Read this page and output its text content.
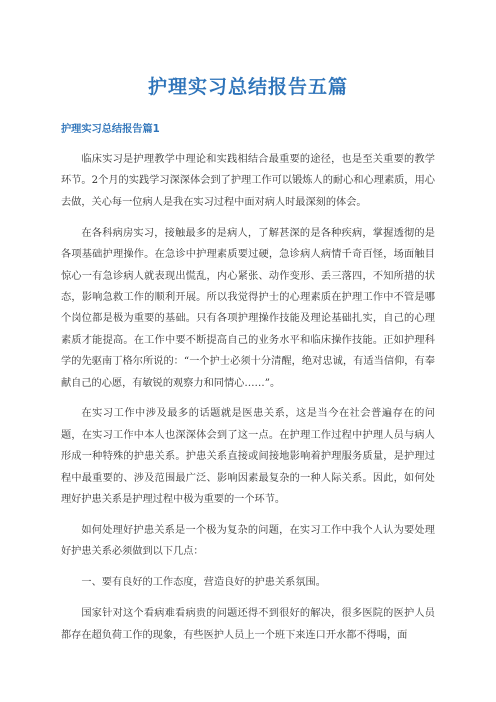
护理实习总结报告五篇
护理实习总结报告篇1

临床实习是护理教学中理论和实践相结合最重要的途径，也是至关重要的教学环节。2个月的实践学习深深体会到了护理工作可以锻炼人的耐心和心理素质，用心去做，关心每一位病人是我在实习过程中面对病人时最深刻的体会。

在各科病房实习，接触最多的是病人，了解甚深的是各种疾病，掌握透彻的是各项基础护理操作。在急诊中护理素质要过硬，急诊病人病情千奇百怪，场面触目惊心一有急诊病人就表现出慌乱，内心紧张、动作变形、丢三落四，不知所措的状态，影响急救工作的顺利开展。所以我觉得护士的心理素质在护理工作中不管是哪个岗位都是极为重要的基础。只有各项护理操作技能及理论基础扎实，自己的心理素质才能提高。在工作中要不断提高自己的业务水平和临床操作技能。正如护理科学的先驱南丁格尔所说的：“一个护士必须十分清醒，绝对忠诚，有适当信仰，有奉献自己的心愿，有敏锐的观察力和同情心……”。

在实习工作中涉及最多的话题就是医患关系，这是当今在社会普遍存在的问题，在实习工作中本人也深深体会到了这一点。在护理工作过程中护理人员与病人形成一种特殊的护患关系。护患关系直接或间接地影响着护理服务质量，是护理过程中最重要的、涉及范围最广泛、影响因素最复杂的一种人际关系。因此，如何处理好护患关系是护理过程中极为重要的一个环节。

如何处理好护患关系是一个极为复杂的问题，在实习工作中我个人认为要处理好护患关系必须做到以下几点：

一、要有良好的工作态度，营造良好的护患关系氛围。

国家针对这个看病难看病贵的问题还得不到很好的解决，很多医院的医护人员都存在超负荷工作的现象，有些医护人员上一个班下来连口开水都不得喝，面
